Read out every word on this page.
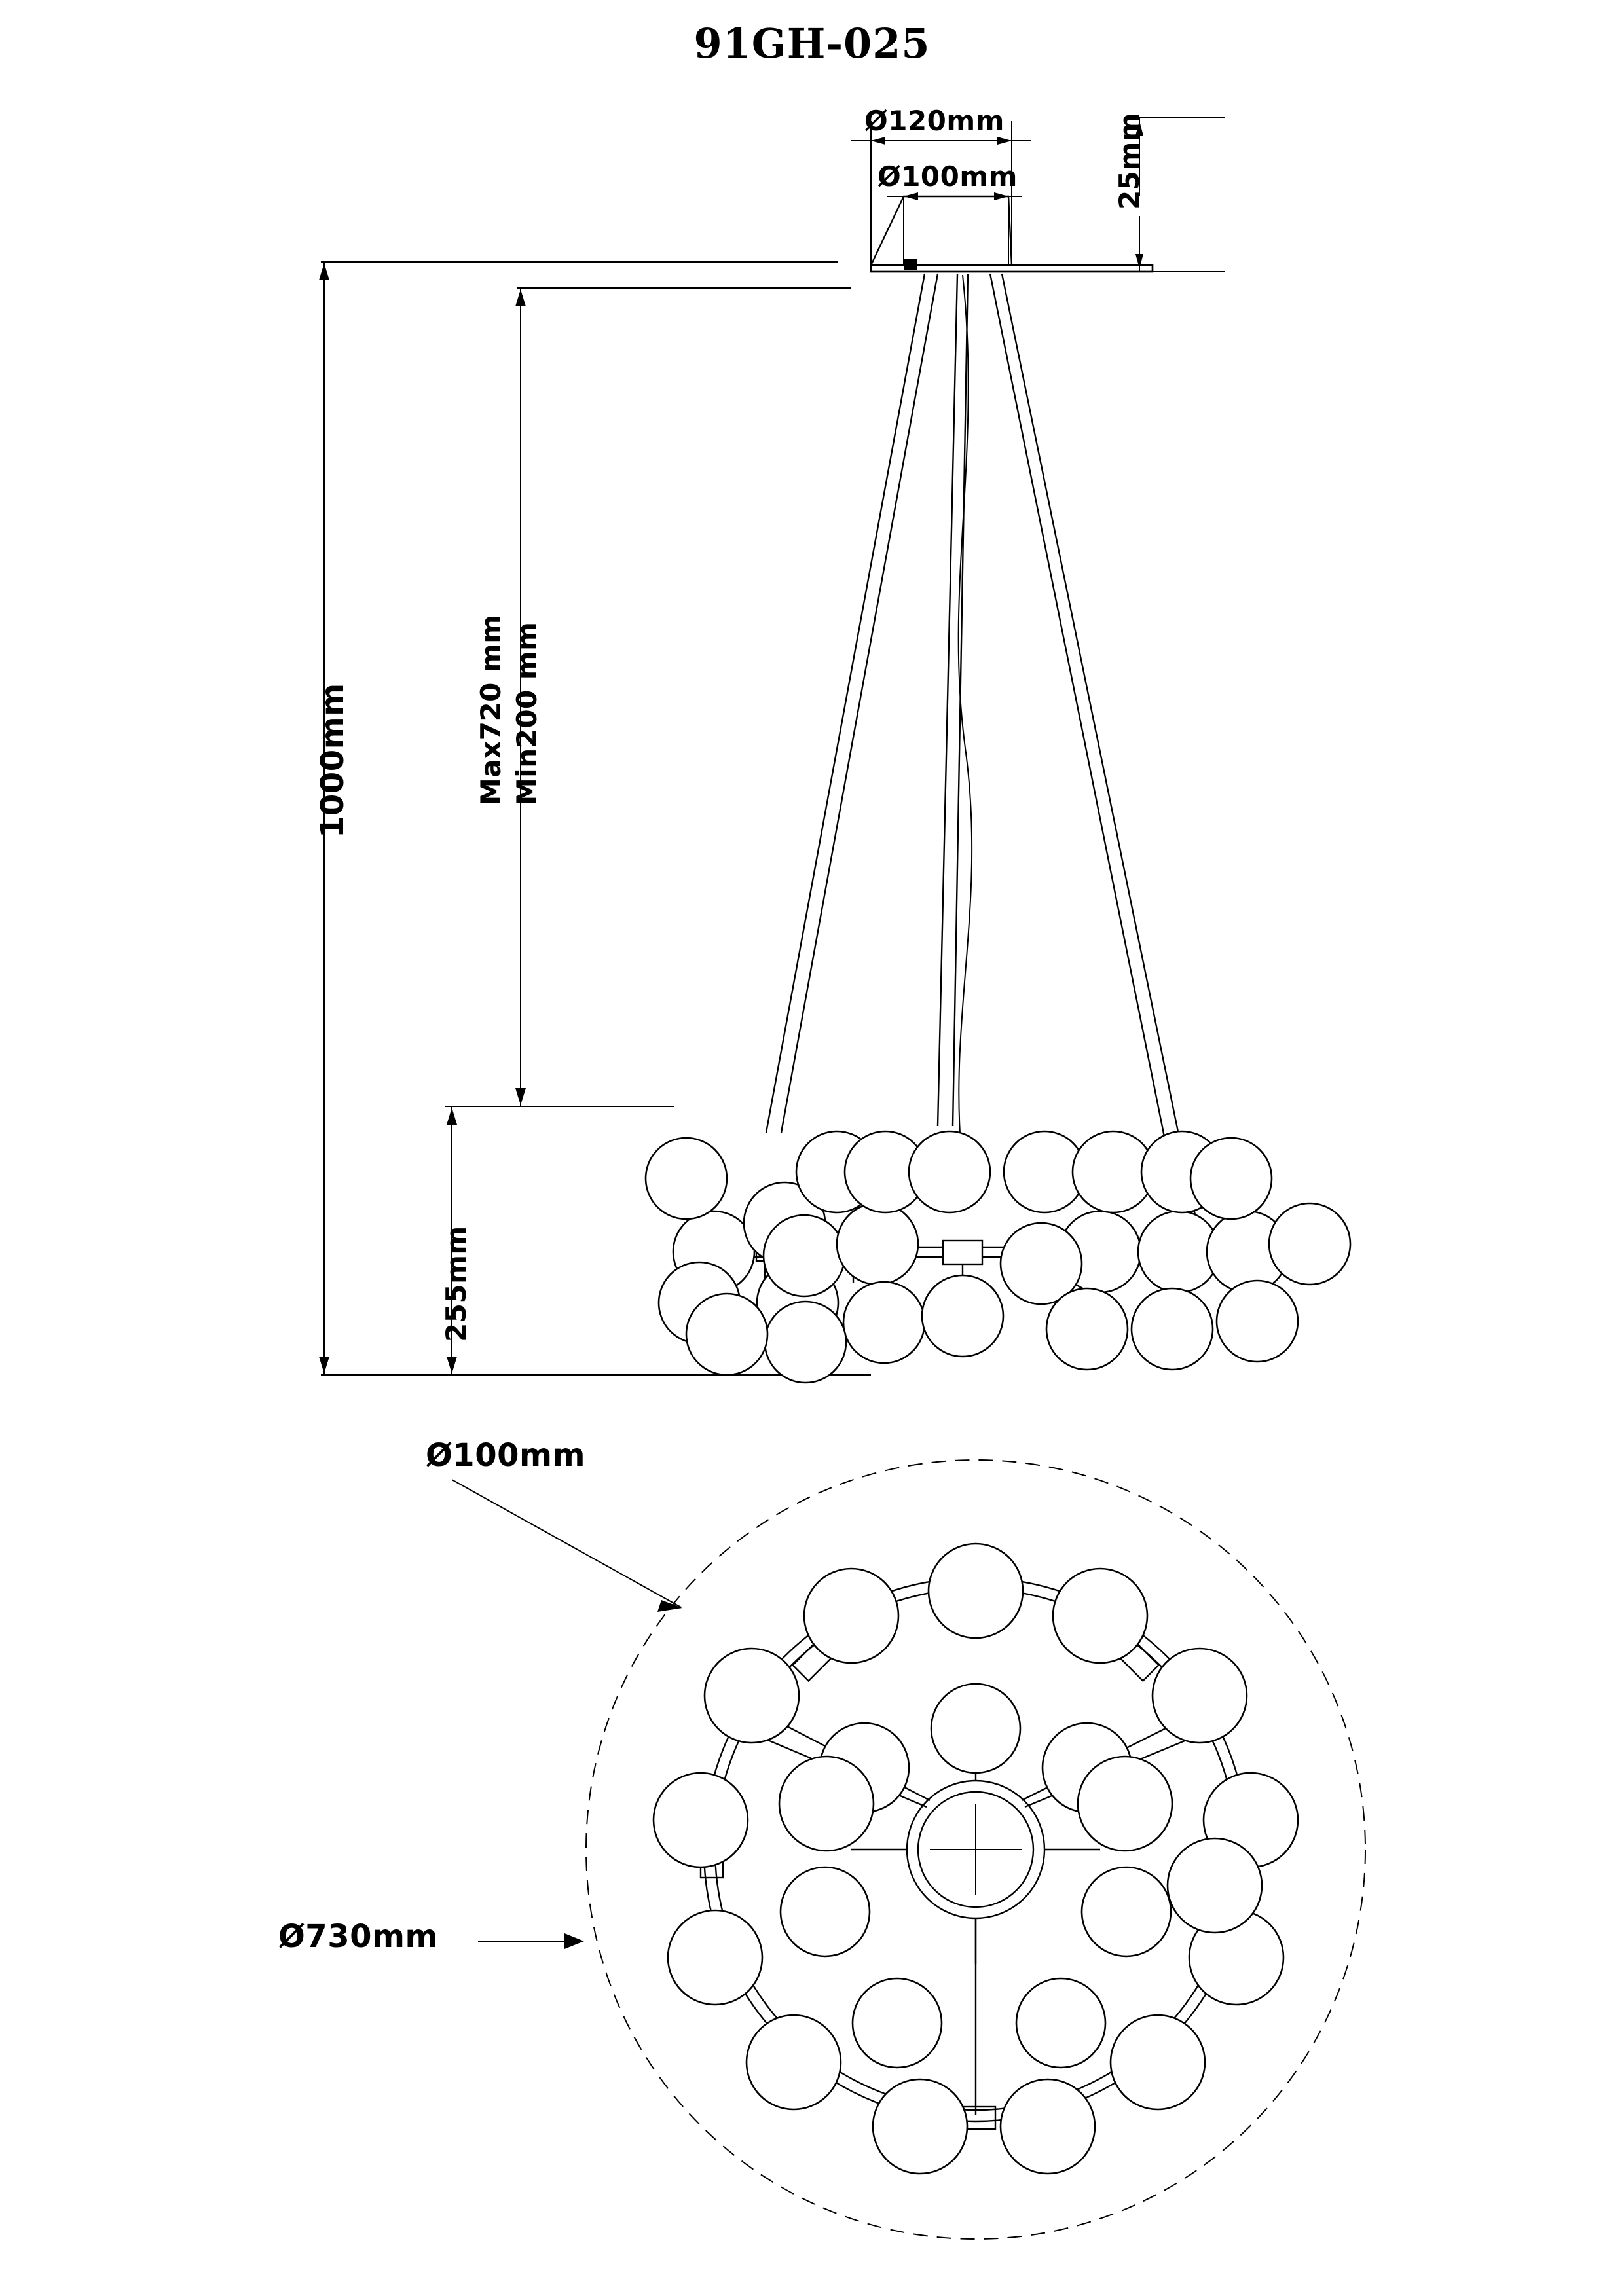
91GH-025
Ø120mm
Ø100mm	25mm
1000mm	Max720 mm Min200 mm
255mm
Ø100mm
Ø730mm
